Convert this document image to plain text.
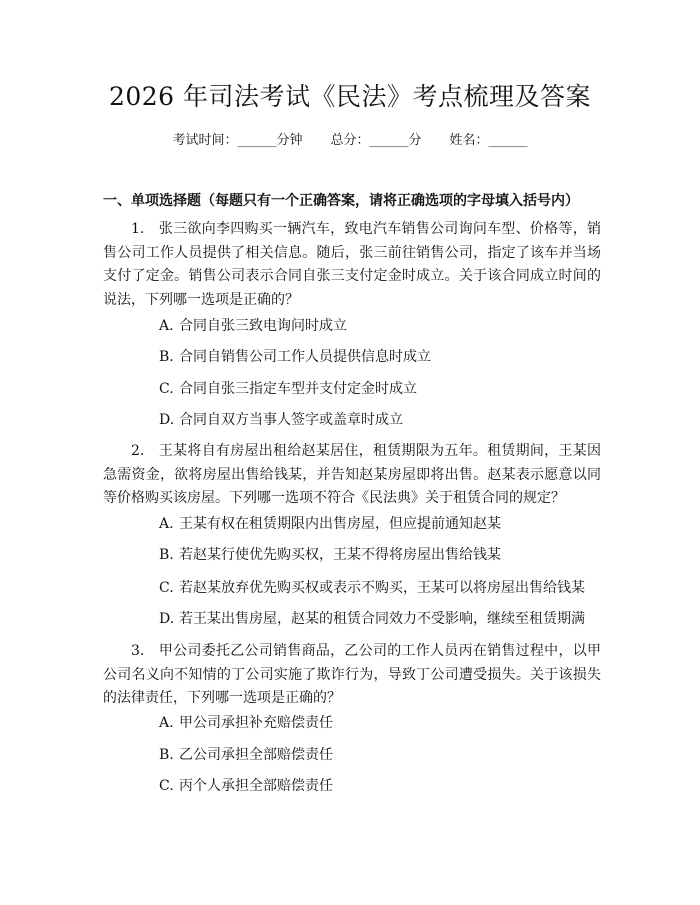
2026 年司法考试《民法》考点梳理及答案
考试时间：______分钟 总分：______分 姓名：______
一、单项选择题（每题只有一个正确答案，请将正确选项的字母填入括号内）
1.　张三欲向李四购买一辆汽车，致电汽车销售公司询问车型、价格等，销售公司工作人员提供了相关信息。随后，张三前往销售公司，指定了该车并当场支付了定金。销售公司表示合同自张三支付定金时成立。关于该合同成立时间的说法，下列哪一选项是正确的？
A. 合同自张三致电询问时成立
B. 合同自销售公司工作人员提供信息时成立
C. 合同自张三指定车型并支付定金时成立
D. 合同自双方当事人签字或盖章时成立
2.　王某将自有房屋出租给赵某居住，租赁期限为五年。租赁期间，王某因急需资金，欲将房屋出售给钱某，并告知赵某房屋即将出售。赵某表示愿意以同等价格购买该房屋。下列哪一选项不符合《民法典》关于租赁合同的规定？
A. 王某有权在租赁期限内出售房屋，但应提前通知赵某
B. 若赵某行使优先购买权，王某不得将房屋出售给钱某
C. 若赵某放弃优先购买权或表示不购买，王某可以将房屋出售给钱某
D. 若王某出售房屋，赵某的租赁合同效力不受影响，继续至租赁期满
3.　甲公司委托乙公司销售商品，乙公司的工作人员丙在销售过程中，以甲公司名义向不知情的丁公司实施了欺诈行为，导致丁公司遭受损失。关于该损失的法律责任，下列哪一选项是正确的？
A. 甲公司承担补充赔偿责任
B. 乙公司承担全部赔偿责任
C. 丙个人承担全部赔偿责任
